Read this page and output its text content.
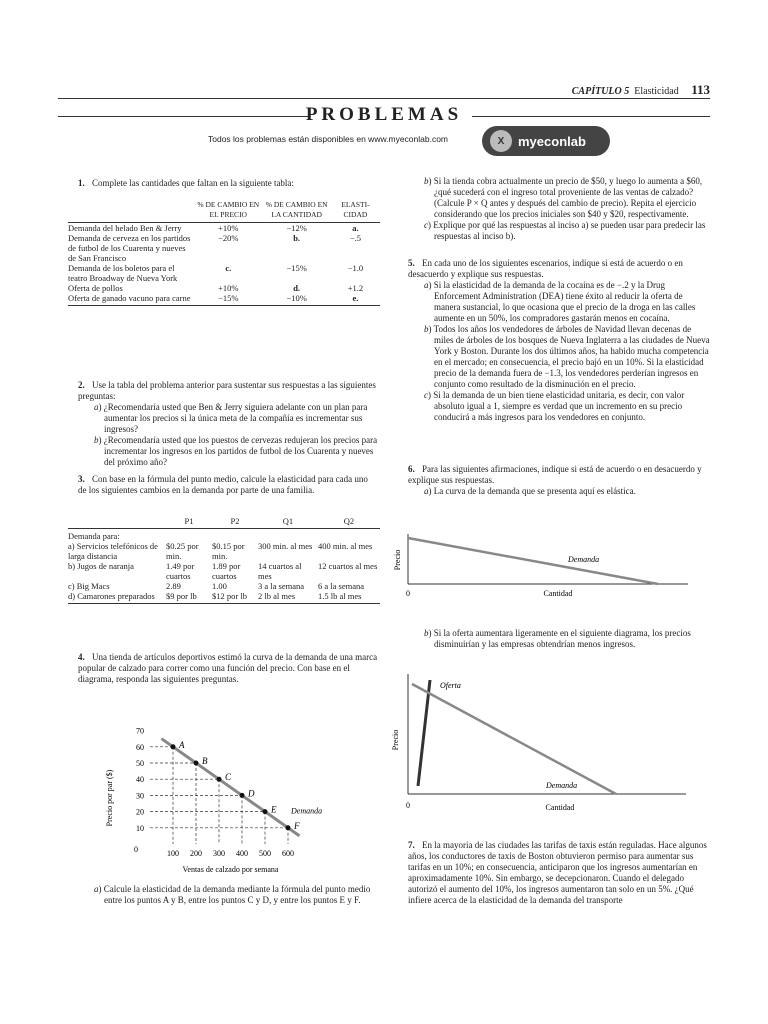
CAPÍTULO 5 Elasticidad 113
PROBLEMAS
Todos los problemas están disponibles en www.myeconlab.com	X	myeconlab
1. Complete las cantidades que faltan en la siguiente tabla:
	% DE CAMBIO EN EL PRECIO	% DE CAMBIO EN LA CANTIDAD	ELASTI-CIDAD
Demanda del helado Ben & Jerry	+10%	−12%	a.
Demanda de cerveza en los partidos de futbol de los Cuarenta y nueves de San Francisco	−20%	b.	−.5
Demanda de los boletos para el teatro Broadway de Nueva York	c.	−15%	−1.0
Oferta de pollos	+10%	d.	+1.2
Oferta de ganado vacuno para carne	−15%	−10%	e.
2. Use la tabla del problema anterior para sustentar sus respuestas a las siguientes preguntas:
a) ¿Recomendaría usted que Ben & Jerry siguiera adelante con un plan para aumentar los precios si la única meta de la compañía es incrementar sus ingresos?
b) ¿Recomendaría usted que los puestos de cervezas redujeran los precios para incrementar los ingresos en los partidos de futbol de los Cuarenta y nueves del próximo año?
3. Con base en la fórmula del punto medio, calcule la elasticidad para cada uno de los siguientes cambios en la demanda por parte de una familia.
	P1	P2	Q1	Q2
Demanda para:				
a) Servicios telefónicos de larga distancia	$0.25 por min.	$0.15 por min.	300 min. al mes	400 min. al mes
b) Jugos de naranja	1.49 por cuartos	1.89 por cuartos	14 cuartos al mes	12 cuartos al mes
c) Big Macs	2.89	1.00	3 a la semana	6 a la semana
d) Camarones preparados	$9 por lb	$12 por lb	2 lb al mes	1.5 lb al mes
4. Una tienda de artículos deportivos estimó la curva de la demanda de una marca popular de calzado para correr como una función del precio. Con base en el diagrama, responda las siguientes preguntas.
Precio por par ($)
0
10
20
30
40
50
60
70
100 200 300 400 500 600
Ventas de calzado por semana
A
B
C
D
E
F
Demanda
a) Calcule la elasticidad de la demanda mediante la fórmula del punto medio entre los puntos A y B, entre los puntos C y D, y entre los puntos E y F.
b) Si la tienda cobra actualmente un precio de $50, y luego lo aumenta a $60, ¿qué sucederá con el ingreso total proveniente de las ventas de calzado? (Calcule P × Q antes y después del cambio de precio). Repita el ejercicio considerando que los precios iniciales son $40 y $20, respectivamente.
c) Explique por qué las respuestas al inciso a) se pueden usar para predecir las respuestas al inciso b).
5. En cada uno de los siguientes escenarios, indique si está de acuerdo o en desacuerdo y explique sus respuestas.
a) Si la elasticidad de la demanda de la cocaína es de −.2 y la Drug Enforcement Administration (DEA) tiene éxito al reducir la oferta de manera sustancial, lo que ocasiona que el precio de la droga en las calles aumente en un 50%, los compradores gastarán menos en cocaína.
b) Todos los años los vendedores de árboles de Navidad llevan decenas de miles de árboles de los bosques de Nueva Inglaterra a las ciudades de Nueva York y Boston. Durante los dos últimos años, ha habido mucha competencia en el mercado; en consecuencia, el precio bajó en un 10%. Si la elasticidad precio de la demanda fuera de −1.3, los vendedores perderían ingresos en conjunto como resultado de la disminución en el precio.
c) Si la demanda de un bien tiene elasticidad unitaria, es decir, con valor absoluto igual a 1, siempre es verdad que un incremento en su precio conducirá a más ingresos para los vendedores en conjunto.
6. Para las siguientes afirmaciones, indique si está de acuerdo o en desacuerdo y explique sus respuestas.
a) La curva de la demanda que se presenta aquí es elástica.
Precio
0	Cantidad
Demanda
b) Si la oferta aumentara ligeramente en el siguiente diagrama, los precios disminuirían y las empresas obtendrían menos ingresos.
Precio
0	Cantidad
Oferta
Demanda
7. En la mayoría de las ciudades las tarifas de taxis están reguladas. Hace algunos años, los conductores de taxis de Boston obtuvieron permiso para aumentar sus tarifas en un 10%; en consecuencia, anticiparon que los ingresos aumentarían en aproximadamente 10%. Sin embargo, se decepcionaron. Cuando el delegado autorizó el aumento del 10%, los ingresos aumentaron tan solo en un 5%. ¿Qué infiere acerca de la elasticidad de la demanda del transporte
